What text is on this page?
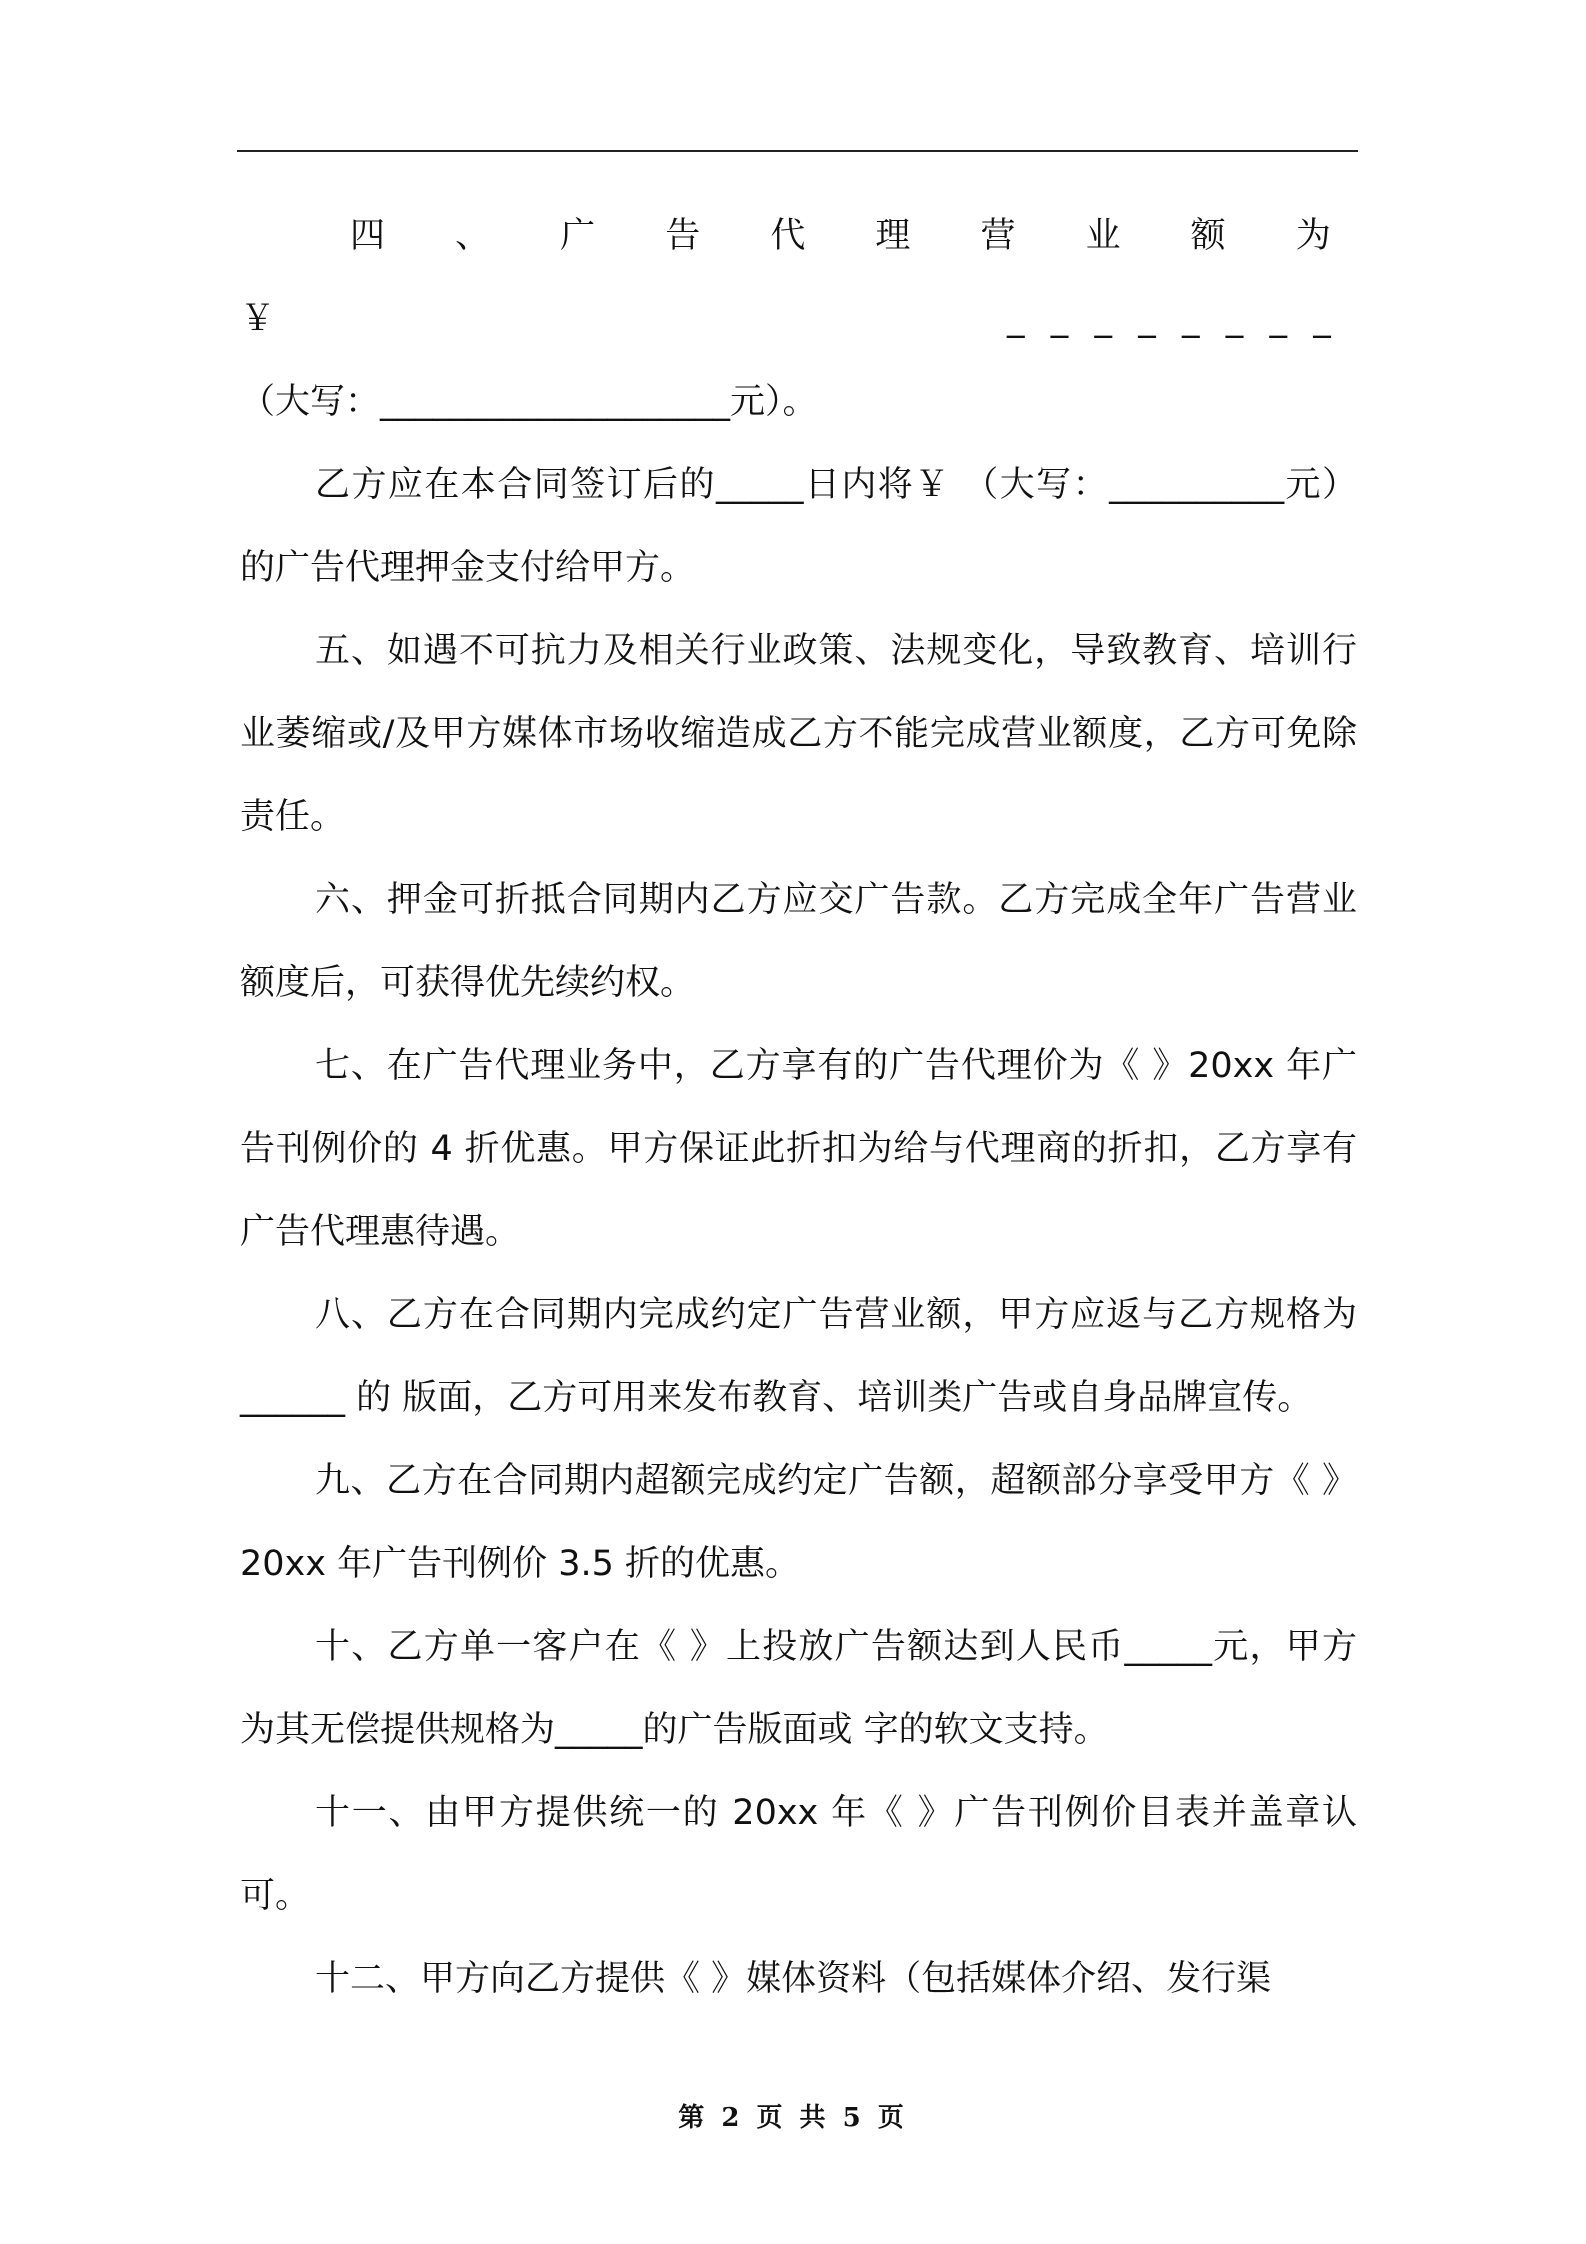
四、广告代理营业额为￥________

（大写：____________________元）。

乙方应在本合同签订后的_____日内将￥ （大写：__________元）的广告代理押金支付给甲方。

五、如遇不可抗力及相关行业政策、法规变化，导致教育、培训行业萎缩或/及甲方媒体市场收缩造成乙方不能完成营业额度，乙方可免除责任。

六、押金可折抵合同期内乙方应交广告款。乙方完成全年广告营业额度后，可获得优先续约权。

七、在广告代理业务中，乙方享有的广告代理价为《 》20xx 年广告刊例价的 4 折优惠。甲方保证此折扣为给与代理商的折扣，乙方享有广告代理惠待遇。

八、乙方在合同期内完成约定广告营业额，甲方应返与乙方规格为______ 的 版面，乙方可用来发布教育、培训类广告或自身品牌宣传。

九、乙方在合同期内超额完成约定广告额，超额部分享受甲方《 》20xx 年广告刊例价 3.5 折的优惠。

十、乙方单一客户在《 》上投放广告额达到人民币_____元，甲方为其无偿提供规格为_____的广告版面或 字的软文支持。

十一、由甲方提供统一的 20xx 年《 》广告刊例价目表并盖章认可。

十二、甲方向乙方提供《 》媒体资料（包括媒体介绍、发行渠

第 2 页 共 5 页
